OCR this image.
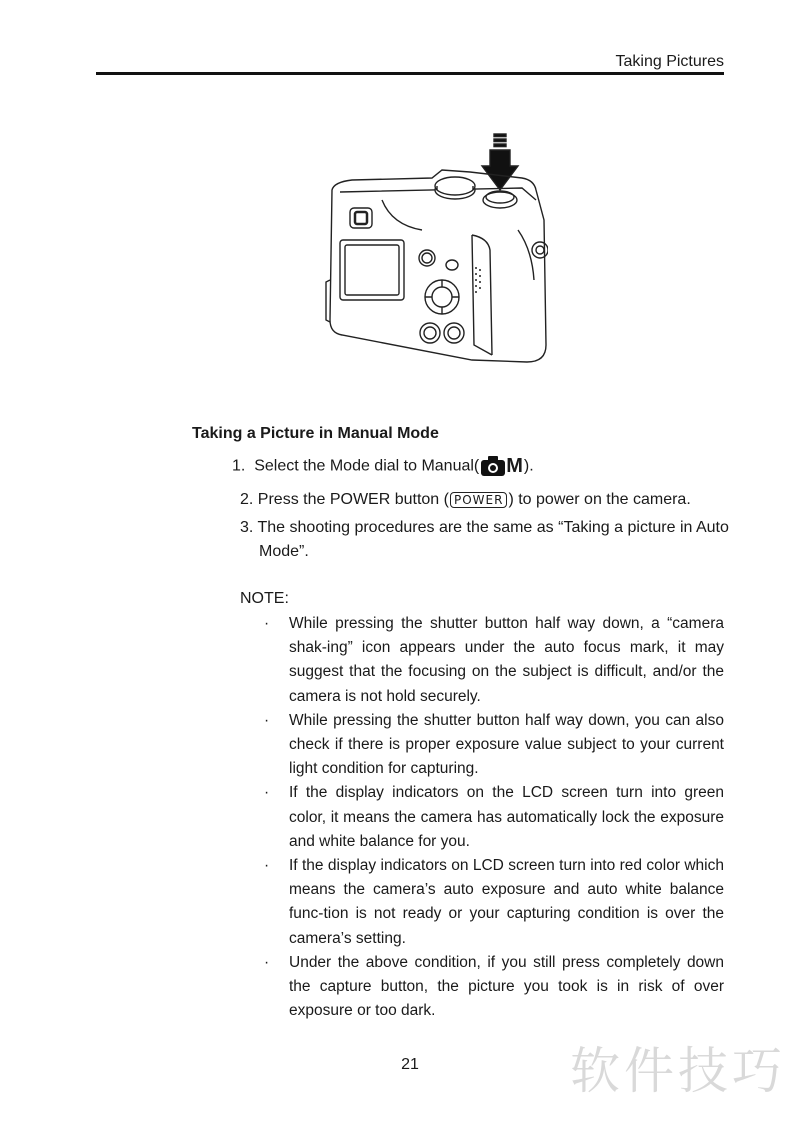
Taking Pictures
Taking a Picture in Manual Mode
1. Select the Mode dial to Manual( M).
2. Press the POWER button ( POWER ) to power on the camera.
3. The shooting procedures are the same as “Taking a picture in Auto
Mode”.
NOTE:
· While pressing the shutter button half way down, a “camera shak-ing” icon appears under the auto focus mark, it may suggest that the focusing on the subject is difficult, and/or the camera is not hold securely.
· While pressing the shutter button half way down, you can also check if there is proper exposure value subject to your current light condition for capturing.
· If the display indicators on the LCD screen turn into green color, it means the camera has automatically lock the exposure and white balance for you.
· If the display indicators on LCD screen turn into red color which means the camera’s auto exposure and auto white balance func-tion is not ready or your capturing condition is over the camera’s setting.
· Under the above condition, if you still press completely down the capture button, the picture you took is in risk of over exposure or too dark.
21	软件技巧
